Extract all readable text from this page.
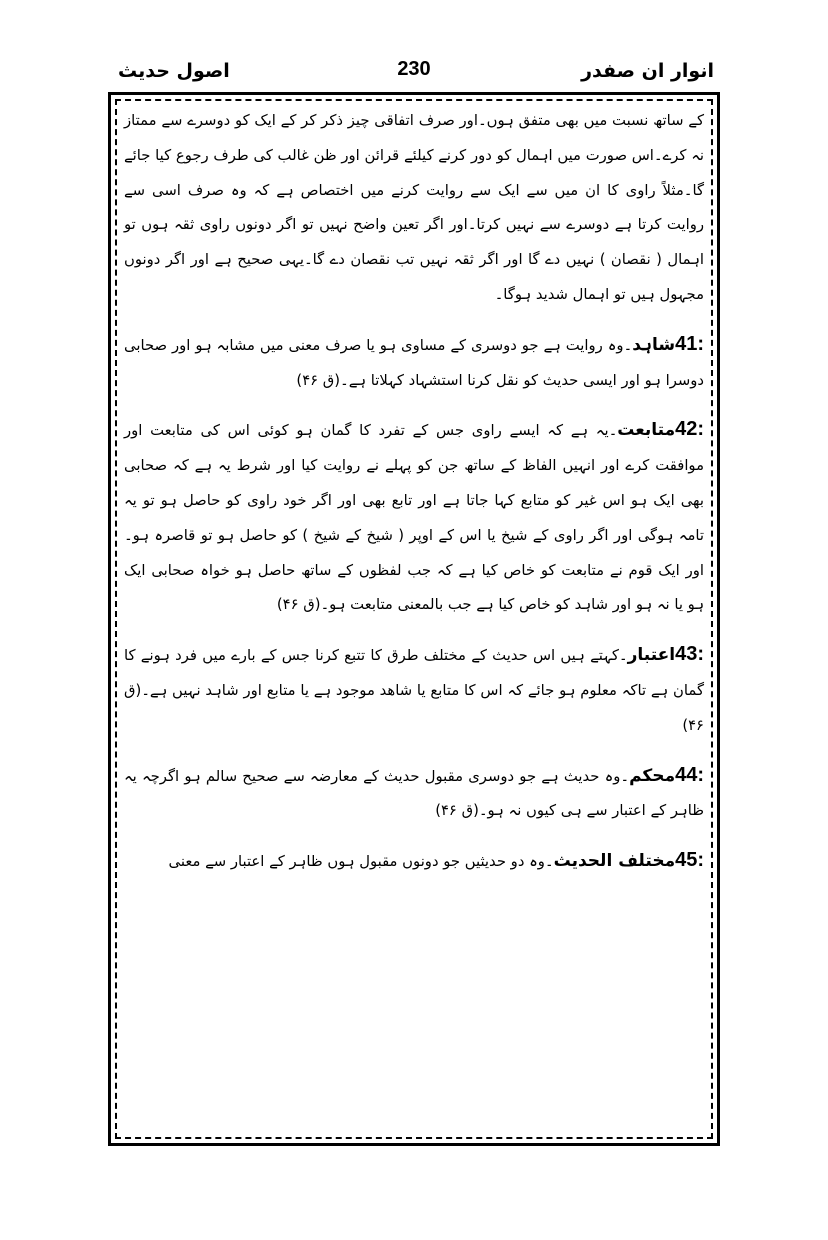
اصول حدیث	230	انوار ان صفدر

کے ساتھ نسبت میں بھی متفق ہوں۔اور صرف اتفاقی چیز ذکر کر کے ایک کو دوسرے سے ممتاز نہ کرے۔اس صورت میں اہمال کو دور کرنے کیلئے قرائن اور ظن غالب کی طرف رجوع کیا جائے گا۔مثلاً راوی کا ان میں سے ایک سے روایت کرنے میں اختصاص ہے کہ وہ صرف اسی سے روایت کرتا ہے دوسرے سے نہیں کرتا۔اور اگر تعین واضح نہیں تو اگر دونوں راوی ثقہ ہوں تو اہمال ( نقصان ) نہیں دے گا اور اگر ثقہ نہیں تب نقصان دے گا۔یہی صحیح ہے اور اگر دونوں مجہول ہیں تو اہمال شدید ہوگا۔

41:شاہد۔وہ روایت ہے جو دوسری کے مساوی ہو یا صرف معنی میں مشابہ ہو اور صحابی دوسرا ہو اور ایسی حدیث کو نقل کرنا استشہاد کہلاتا ہے۔(ق ۴۶)

42:متابعت۔یہ ہے کہ ایسے راوی جس کے تفرد کا گمان ہو کوئی اس کی متابعت اور موافقت کرے اور انہیں الفاظ کے ساتھ جن کو پہلے نے روایت کیا اور شرط یہ ہے کہ صحابی بھی ایک ہو اس غیر کو متابع کہا جاتا ہے اور تابع بھی اور اگر خود راوی کو حاصل ہو تو یہ تامہ ہوگی اور اگر راوی کے شیخ یا اس کے اوپر ( شیخ کے شیخ ) کو حاصل ہو تو قاصرہ ہو۔اور ایک قوم نے متابعت کو خاص کیا ہے کہ جب لفظوں کے ساتھ حاصل ہو خواہ صحابی ایک ہو یا نہ ہو اور شاہد کو خاص کیا ہے جب بالمعنی متابعت ہو۔(ق ۴۶)

43:اعتبار۔کہتے ہیں اس حدیث کے مختلف طرق کا تتبع کرنا جس کے بارے میں فرد ہونے کا گمان ہے تاکہ معلوم ہو جائے کہ اس کا متابع یا شاهد موجود ہے یا متابع اور شاہد نہیں ہے۔(ق ۴۶)

44:محکم۔وہ حدیث ہے جو دوسری مقبول حدیث کے معارضہ سے صحیح سالم ہو اگرچہ یہ ظاہر کے اعتبار سے ہی کیوں نہ ہو۔(ق ۴۶)

45:مختلف الحدیث۔وہ دو حدیثیں جو دونوں مقبول ہوں ظاہر کے اعتبار سے معنی
